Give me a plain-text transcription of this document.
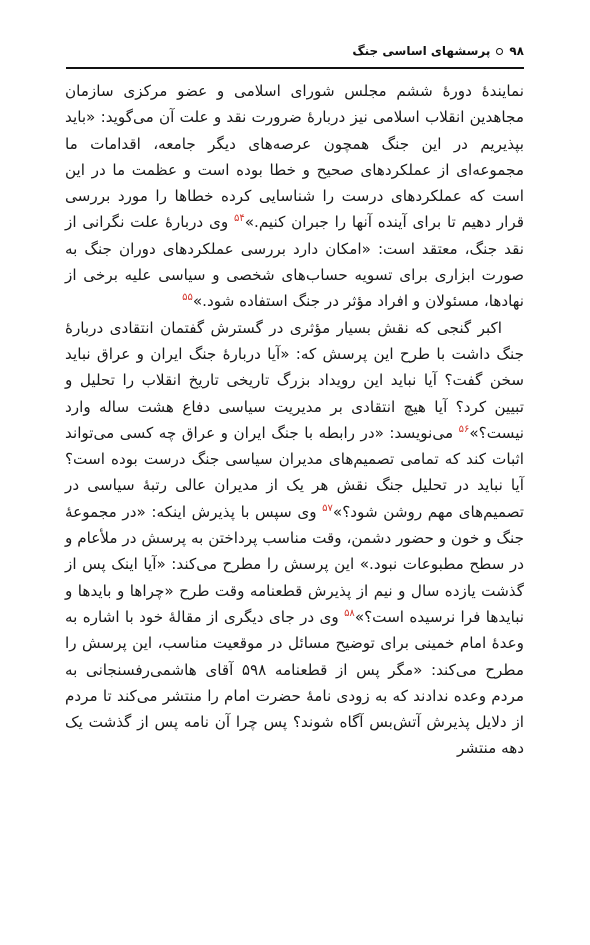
۹۸
پرسشهای اساسی جنگ

نمایندهٔ دورهٔ ششم مجلس شورای اسلامی و عضو مرکزی سازمان مجاهدین انقلاب اسلامی نیز دربارهٔ ضرورت نقد و علت آن می‌گوید: «باید بپذیریم در این جنگ همچون عرصه‌های دیگر جامعه، اقدامات ما مجموعه‌ای از عملکردهای صحیح و خطا بوده است و عظمت ما در این است که عملکردهای درست را شناسایی کرده خطاها را مورد بررسی قرار دهیم تا برای آینده آنها را جبران کنیم.»$^{۵۴}$ وی دربارهٔ علت نگرانی از نقد جنگ، معتقد است: «امکان دارد بررسی عملکردهای دوران جنگ به صورت ابزاری برای تسویه حساب‌های شخصی و سیاسی علیه برخی از نهادها، مسئولان و افراد مؤثر در جنگ استفاده شود.»$^{۵۵}$

اکبر گنجی که نقش بسیار مؤثری در گسترش گفتمان انتقادی دربارهٔ جنگ داشت با طرح این پرسش که: «آیا دربارهٔ جنگ ایران و عراق نباید سخن گفت؟ آیا نباید این رویداد بزرگ تاریخی تاریخ انقلاب را تحلیل و تبیین کرد؟ آیا هیچ انتقادی بر مدیریت سیاسی دفاع هشت ساله وارد نیست؟»$^{۵۶}$ می‌نویسد: «در رابطه با جنگ ایران و عراق چه کسی می‌تواند اثبات کند که تمامی تصمیم‌های مدیران سیاسی جنگ درست بوده است؟ آیا نباید در تحلیل جنگ نقش هر یک از مدیران عالی رتبهٔ سیاسی در تصمیم‌های مهم روشن شود؟»$^{۵۷}$ وی سپس با پذیرش اینکه: «در مجموعهٔ جنگ و خون و حضور دشمن، وقت مناسب پرداختن به پرسش در ملأعام و در سطح مطبوعات نبود.» این پرسش را مطرح می‌کند: «آیا اینک پس از گذشت یازده سال و نیم از پذیرش قطعنامه وقت طرح «چراها و بایدها و نبایدها فرا نرسیده است؟»$^{۵۸}$ وی در جای دیگری از مقالهٔ خود با اشاره به وعدهٔ امام خمینی برای توضیح مسائل در موقعیت مناسب، این پرسش را مطرح می‌کند: «مگر پس از قطعنامه ۵۹۸ آقای هاشمی‌رفسنجانی به مردم وعده ندادند که به زودی نامهٔ حضرت امام را منتشر می‌کند تا مردم از دلایل پذیرش آتش‌بس آگاه شوند؟ پس چرا آن نامه پس از گذشت یک دهه منتشر
